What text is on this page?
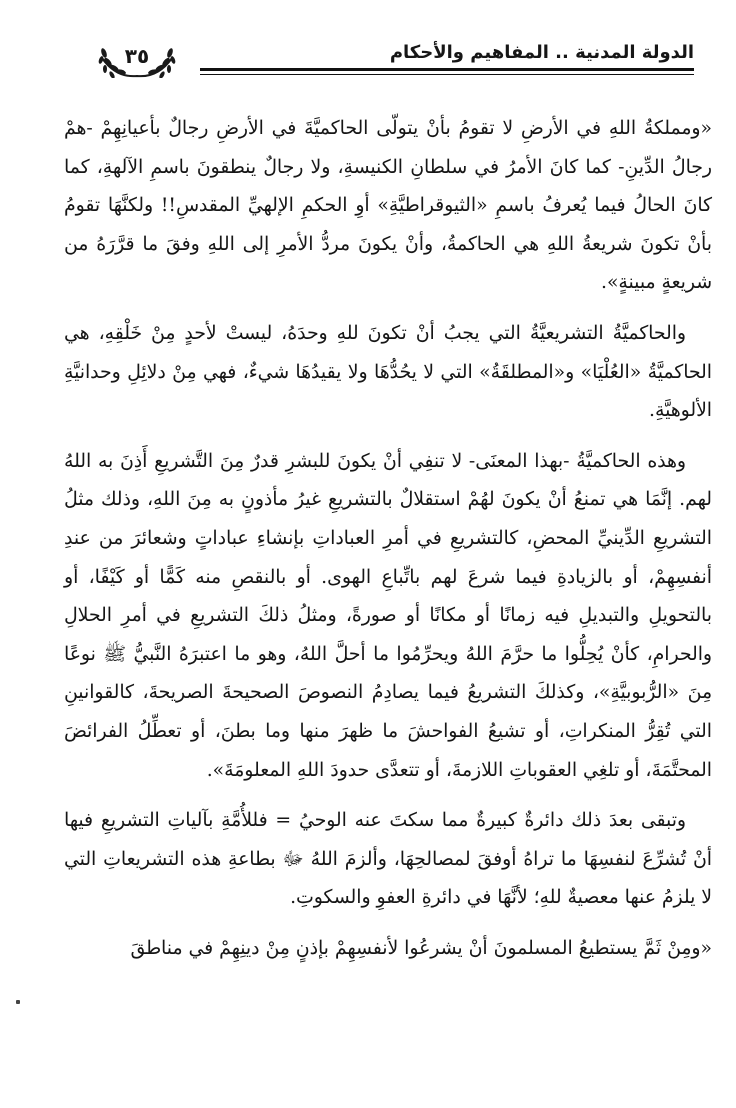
الدولة المدنية .. المفاهيم والأحكام
٣٥

«ومملكةُ اللهِ في الأرضِ لا تقومُ بأنْ يتولّى الحاكميَّةَ في الأرضِ رجالٌ بأعيانِهِمْ -همْ رجالُ الدِّينِ- كما كانَ الأمرُ في سلطانِ الكنيسةِ، ولا رجالٌ ينطقونَ باسمِ الآلهةِ، كما كانَ الحالُ فيما يُعرفُ باسمِ «الثيوقراطيَّةِ» أوِ الحكمِ الإلهيِّ المقدسِ!! ولكنَّهَا تقومُ بأنْ تكونَ شريعةُ اللهِ هي الحاكمةُ، وأنْ يكونَ مردُّ الأمرِ إلى اللهِ وفقَ ما قرَّرَهُ من شريعةٍ مبينةٍ».

والحاكميَّةُ التشريعيَّةُ التي يجبُ أنْ تكونَ للهِ وحدَهُ، ليستْ لأحدٍ مِنْ خَلْقِهِ، هي الحاكميَّةُ «العُلْيَا» و«المطلقَةُ» التي لا يحُدُّهَا ولا يقيدُهَا شيءٌ، فهي مِنْ دلائِلِ وحدانيَّةِ الألوهيَّةِ.

وهذه الحاكميَّةُ -بهذا المعنَى- لا تنفِي أنْ يكونَ للبشرِ قدرٌ مِنَ التَّشريعِ أَذِنَ به اللهُ لهم. إنَّمَا هي تمنعُ أنْ يكونَ لهُمْ استقلالٌ بالتشريعِ غيرُ مأذونٍ به مِنَ اللهِ، وذلك مثلُ التشريعِ الدِّينيِّ المحضِ، كالتشريعِ في أمرِ العباداتِ بإنشاءِ عباداتٍ وشعائرَ من عندِ أنفسِهِمْ، أو بالزيادةِ فيما شرعَ لهم باتِّباعِ الهوى. أو بالنقصِ منه كَمًّا أو كَيْفًا، أو بالتحويلِ والتبديلِ فيه زمانًا أو مكانًا أو صورةً، ومثلُ ذلكَ التشريعِ في أمرِ الحلالِ والحرامِ، كأنْ يُحِلُّوا ما حرَّمَ اللهُ ويحرِّمُوا ما أحلَّ اللهُ، وهو ما اعتبرَهُ النَّبيُّ ﷺ نوعًا مِنَ «الرُّبوبيَّةِ»، وكذلكَ التشريعُ فيما يصادِمُ النصوصَ الصحيحةَ الصريحةَ، كالقوانينِ التي تُقِرُّ المنكراتِ، أو تشيعُ الفواحشَ ما ظهرَ منها وما بطنَ، أو تعطِّلُ الفرائضَ المحتَّمَةَ، أو تلغِي العقوباتِ اللازمةَ، أو تتعدَّى حدودَ اللهِ المعلومَةَ».

وتبقى بعدَ ذلك دائرةٌ كبيرةٌ مما سكتَ عنه الوحيُ = فللأُمَّةِ بآلياتِ التشريعِ فيها أنْ تُشرِّعَ لنفسِهَا ما تراهُ أوفقَ لمصالحِهَا، وألزمَ اللهُ ﷻ بطاعةِ هذه التشريعاتِ التي لا يلزمُ عنها معصيةٌ للهِ؛ لأنَّهَا في دائرةِ العفوِ والسكوتِ.

«ومِنْ ثَمَّ يستطيعُ المسلمونَ أنْ يشرعُوا لأنفسِهِمْ بإذنٍ مِنْ دينِهِمْ في مناطقَ
